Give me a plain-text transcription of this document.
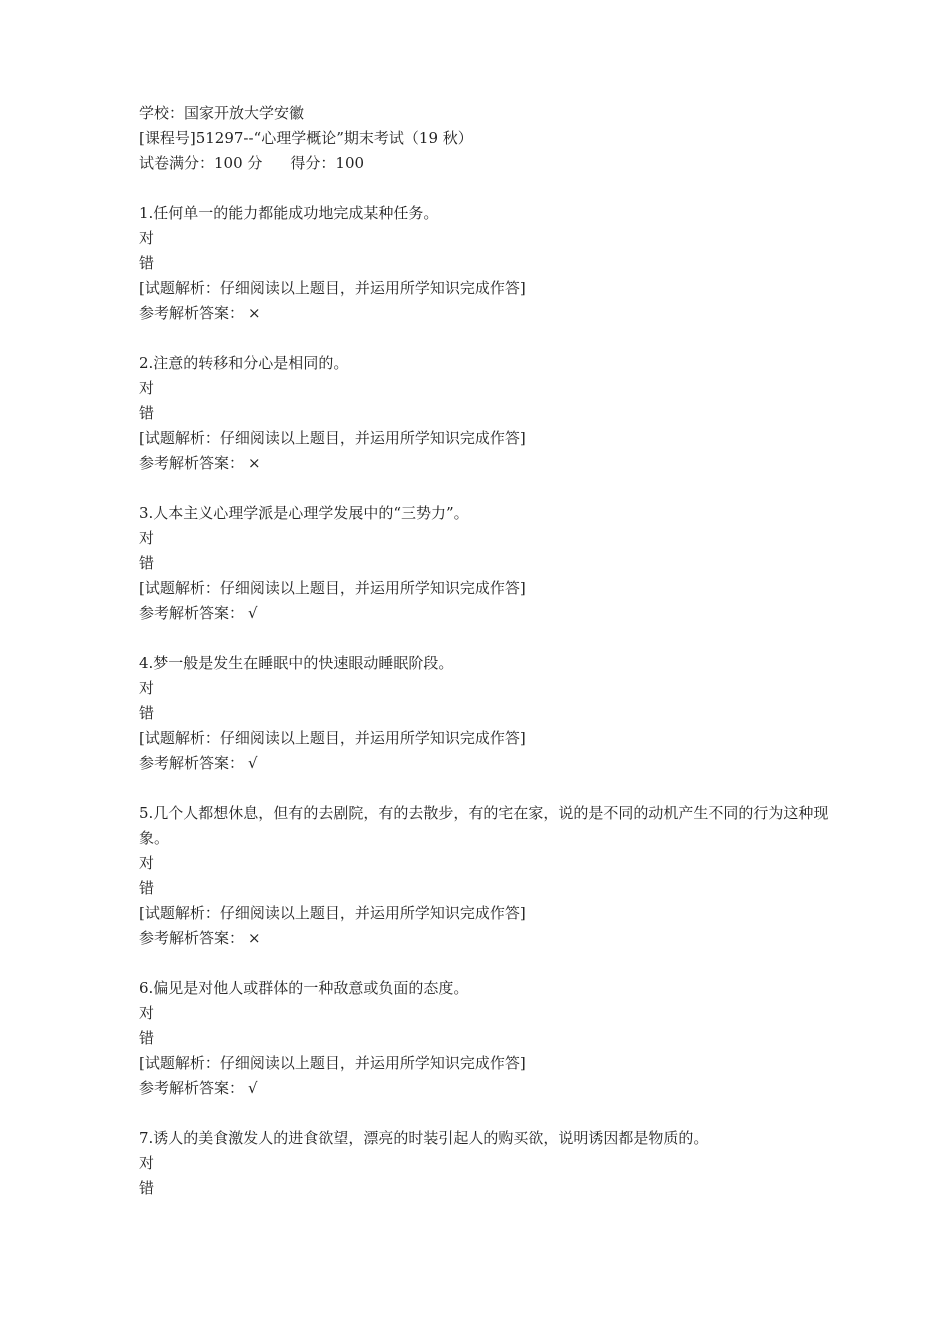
学校：国家开放大学安徽
[课程号]51297--“心理学概论”期末考试（19 秋）
试卷满分：100 分 得分：100
1.任何单一的能力都能成功地完成某种任务。
对
错
[试题解析：仔细阅读以上题目，并运用所学知识完成作答]
参考解析答案： ×
2.注意的转移和分心是相同的。
对
错
[试题解析：仔细阅读以上题目，并运用所学知识完成作答]
参考解析答案： ×
3.人本主义心理学派是心理学发展中的“三势力”。
对
错
[试题解析：仔细阅读以上题目，并运用所学知识完成作答]
参考解析答案： √
4.梦一般是发生在睡眠中的快速眼动睡眠阶段。
对
错
[试题解析：仔细阅读以上题目，并运用所学知识完成作答]
参考解析答案： √
5.几个人都想休息，但有的去剧院，有的去散步，有的宅在家，说的是不同的动机产生不同的行为这种现象。
对
错
[试题解析：仔细阅读以上题目，并运用所学知识完成作答]
参考解析答案： ×
6.偏见是对他人或群体的一种敌意或负面的态度。
对
错
[试题解析：仔细阅读以上题目，并运用所学知识完成作答]
参考解析答案： √
7.诱人的美食激发人的进食欲望，漂亮的时装引起人的购买欲，说明诱因都是物质的。
对
错
